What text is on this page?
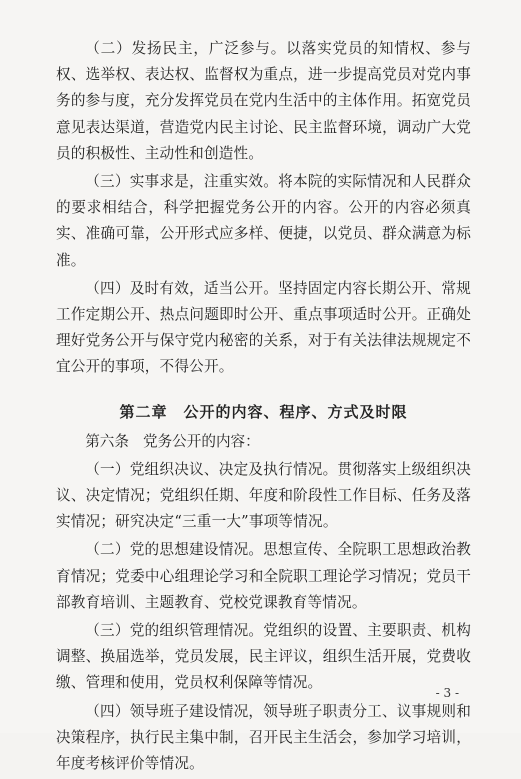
（二）发扬民主，广泛参与。以落实党员的知情权、参与权、选举权、表达权、监督权为重点，进一步提高党员对党内事务的参与度，充分发挥党员在党内生活中的主体作用。拓宽党员意见表达渠道，营造党内民主讨论、民主监督环境，调动广大党员的积极性、主动性和创造性。

（三）实事求是，注重实效。将本院的实际情况和人民群众的要求相结合，科学把握党务公开的内容。公开的内容必须真实、准确可靠，公开形式应多样、便捷，以党员、群众满意为标准。

（四）及时有效，适当公开。坚持固定内容长期公开、常规工作定期公开、热点问题即时公开、重点事项适时公开。正确处理好党务公开与保守党内秘密的关系，对于有关法律法规规定不宜公开的事项，不得公开。

第二章 公开的内容、程序、方式及时限

第六条 党务公开的内容：

（一）党组织决议、决定及执行情况。贯彻落实上级组织决议、决定情况；党组织任期、年度和阶段性工作目标、任务及落实情况；研究决定“三重一大”事项等情况。

（二）党的思想建设情况。思想宣传、全院职工思想政治教育情况；党委中心组理论学习和全院职工理论学习情况；党员干部教育培训、主题教育、党校党课教育等情况。

（三）党的组织管理情况。党组织的设置、主要职责、机构调整、换届选举，党员发展，民主评议，组织生活开展，党费收缴、管理和使用，党员权利保障等情况。

（四）领导班子建设情况，领导班子职责分工、议事规则和决策程序，执行民主集中制，召开民主生活会，参加学习培训，年度考核评价等情况。

- 3 -
